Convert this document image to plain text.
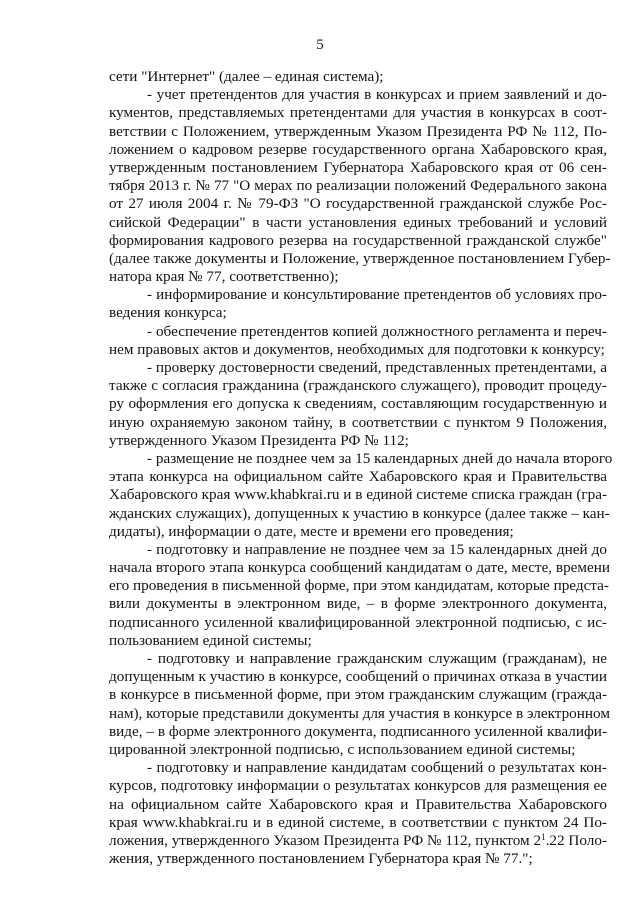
5
сети "Интернет" (далее – единая система);
- учет претендентов для участия в конкурсах и прием заявлений и до-
кументов, представляемых претендентами для участия в конкурсах в соот-
ветствии с Положением, утвержденным Указом Президента РФ № 112, По-
ложением о кадровом резерве государственного органа Хабаровского края,
утвержденным постановлением Губернатора Хабаровского края от 06 сен-
тября 2013 г. № 77 "О мерах по реализации положений Федерального закона
от 27 июля 2004 г. № 79-ФЗ "О государственной гражданской службе Рос-
сийской Федерации" в части установления единых требований и условий
формирования кадрового резерва на государственной гражданской службе"
(далее также документы и Положение, утвержденное постановлением Губер-
натора края № 77, соответственно);
- информирование и консультирование претендентов об условиях про-
ведения конкурса;
- обеспечение претендентов копией должностного регламента и переч-
нем правовых актов и документов, необходимых для подготовки к конкурсу;
- проверку достоверности сведений, представленных претендентами, а
также с согласия гражданина (гражданского служащего), проводит процеду-
ру оформления его допуска к сведениям, составляющим государственную и
иную охраняемую законом тайну, в соответствии с пунктом 9 Положения,
утвержденного Указом Президента РФ № 112;
- размещение не позднее чем за 15 календарных дней до начала второго
этапа конкурса на официальном сайте Хабаровского края и Правительства
Хабаровского края www.khabkrai.ru и в единой системе списка граждан (гра-
жданских служащих), допущенных к участию в конкурсе (далее также – кан-
дидаты), информации о дате, месте и времени его проведения;
- подготовку и направление не позднее чем за 15 календарных дней до
начала второго этапа конкурса сообщений кандидатам о дате, месте, времени
его проведения в письменной форме, при этом кандидатам, которые предста-
вили документы в электронном виде, – в форме электронного документа,
подписанного усиленной квалифицированной электронной подписью, с ис-
пользованием единой системы;
- подготовку и направление гражданским служащим (гражданам), не
допущенным к участию в конкурсе, сообщений о причинах отказа в участии
в конкурсе в письменной форме, при этом гражданским служащим (гражда-
нам), которые представили документы для участия в конкурсе в электронном
виде, – в форме электронного документа, подписанного усиленной квалифи-
цированной электронной подписью, с использованием единой системы;
- подготовку и направление кандидатам сообщений о результатах кон-
курсов, подготовку информации о результатах конкурсов для размещения ее
на официальном сайте Хабаровского края и Правительства Хабаровского
края www.khabkrai.ru и в единой системе, в соответствии с пунктом 24 По-
ложения, утвержденного Указом Президента РФ № 112, пунктом $2^1.22$ Поло-
жения, утвержденного постановлением Губернатора края № 77.";
